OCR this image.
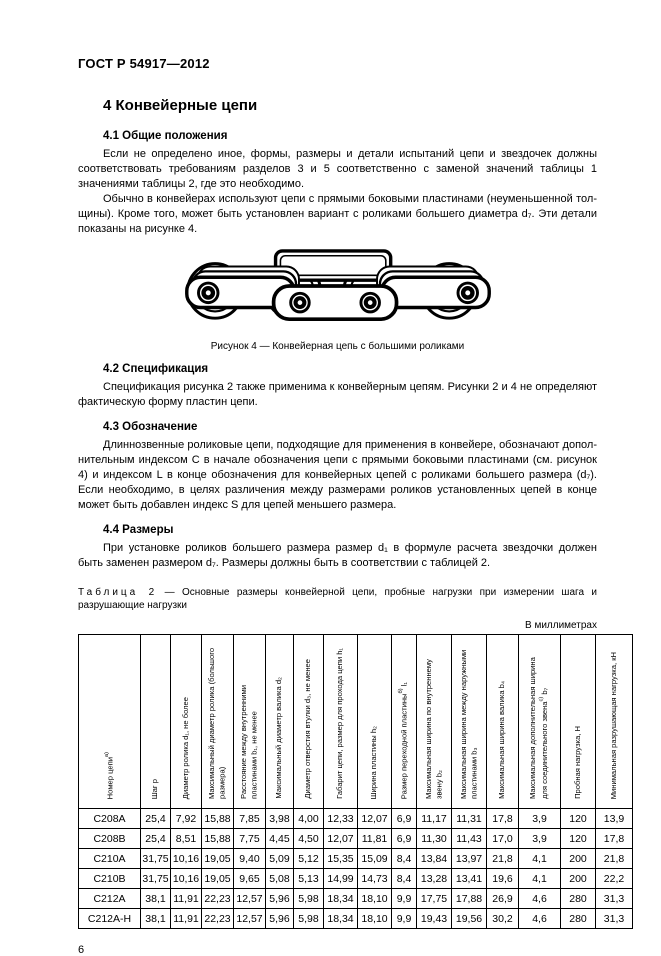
ГОСТ Р 54917—2012
4 Конвейерные цепи
4.1 Общие положения

Если не определено иное, формы, размеры и детали испытаний цепи и звездочек должны соответствовать требованиям разделов 3 и 5 соответственно с заменой значений таблицы 1 значениями таблицы 2, где это необходимо.

Обычно в конвейерах используют цепи с прямыми боковыми пластинами (неуменьшенной толщины). Кроме того, может быть установлен вариант с роликами большего диаметра d₇. Эти детали показаны на рисунке 4.

Рисунок 4 — Конвейерная цепь с большими роликами
4.2 Спецификация

Спецификация рисунка 2 также применима к конвейерным цепям. Рисунки 2 и 4 не определяют фактическую форму пластин цепи.

4.3 Обозначение

Длиннозвенные роликовые цепи, подходящие для применения в конвейере, обозначают дополнительным индексом С в начале обозначения цепи с прямыми боковыми пластинами (см. рисунок 4) и индексом L в конце обозначения для конвейерных цепей с роликами большего размера (d₇). Если необходимо, в целях различения между размерами роликов установленных цепей в конце может быть добавлен индекс S для цепей меньшего размера.

4.4 Размеры

При установке роликов большего размера размер d₁ в формуле расчета звездочки должен быть заменен размером d₇. Размеры должны быть в соответствии с таблицей 2.

Таблица 2 — Основные размеры конвейерной цепи, пробные нагрузки при измерении шага и разрушающие нагрузки
В миллиметрах
Номер цепи$^{а)}$	Шаг p	Диаметр ролика d₁, не более	Максимальный диаметр ролика (большого размера)	Расстояние между внутренними пластинами b₁, не менее	Максимальный диаметр валика d₂	Диаметр отверстия втулки d₃, не менее	Габарит цепи, размер для прохода цепи h₁	Ширина пластины h₂	Размер переходной пластины$^{б)}$ l₁	Максимальная ширина по внутреннему звену b₂	Максимальная ширина между наружными пластинами b₃	Максимальная ширина валика b₄	Максимальная дополнительная ширина для соединительного звена$^{с)}$ b₇	Пробная нагрузка, Н	Минимальная разрушающая нагрузка, кН
С208А	25,4	7,92	15,88	7,85	3,98	4,00	12,33	12,07	6,9	11,17	11,31	17,8	3,9	120	13,9
С208В	25,4	8,51	15,88	7,75	4,45	4,50	12,07	11,81	6,9	11,30	11,43	17,0	3,9	120	17,8
С210А	31,75	10,16	19,05	9,40	5,09	5,12	15,35	15,09	8,4	13,84	13,97	21,8	4,1	200	21,8
С210В	31,75	10,16	19,05	9,65	5,08	5,13	14,99	14,73	8,4	13,28	13,41	19,6	4,1	200	22,2
С212А	38,1	11,91	22,23	12,57	5,96	5,98	18,34	18,10	9,9	17,75	17,88	26,9	4,6	280	31,3
С212А-Н	38,1	11,91	22,23	12,57	5,96	5,98	18,34	18,10	9,9	19,43	19,56	30,2	4,6	280	31,3
6
